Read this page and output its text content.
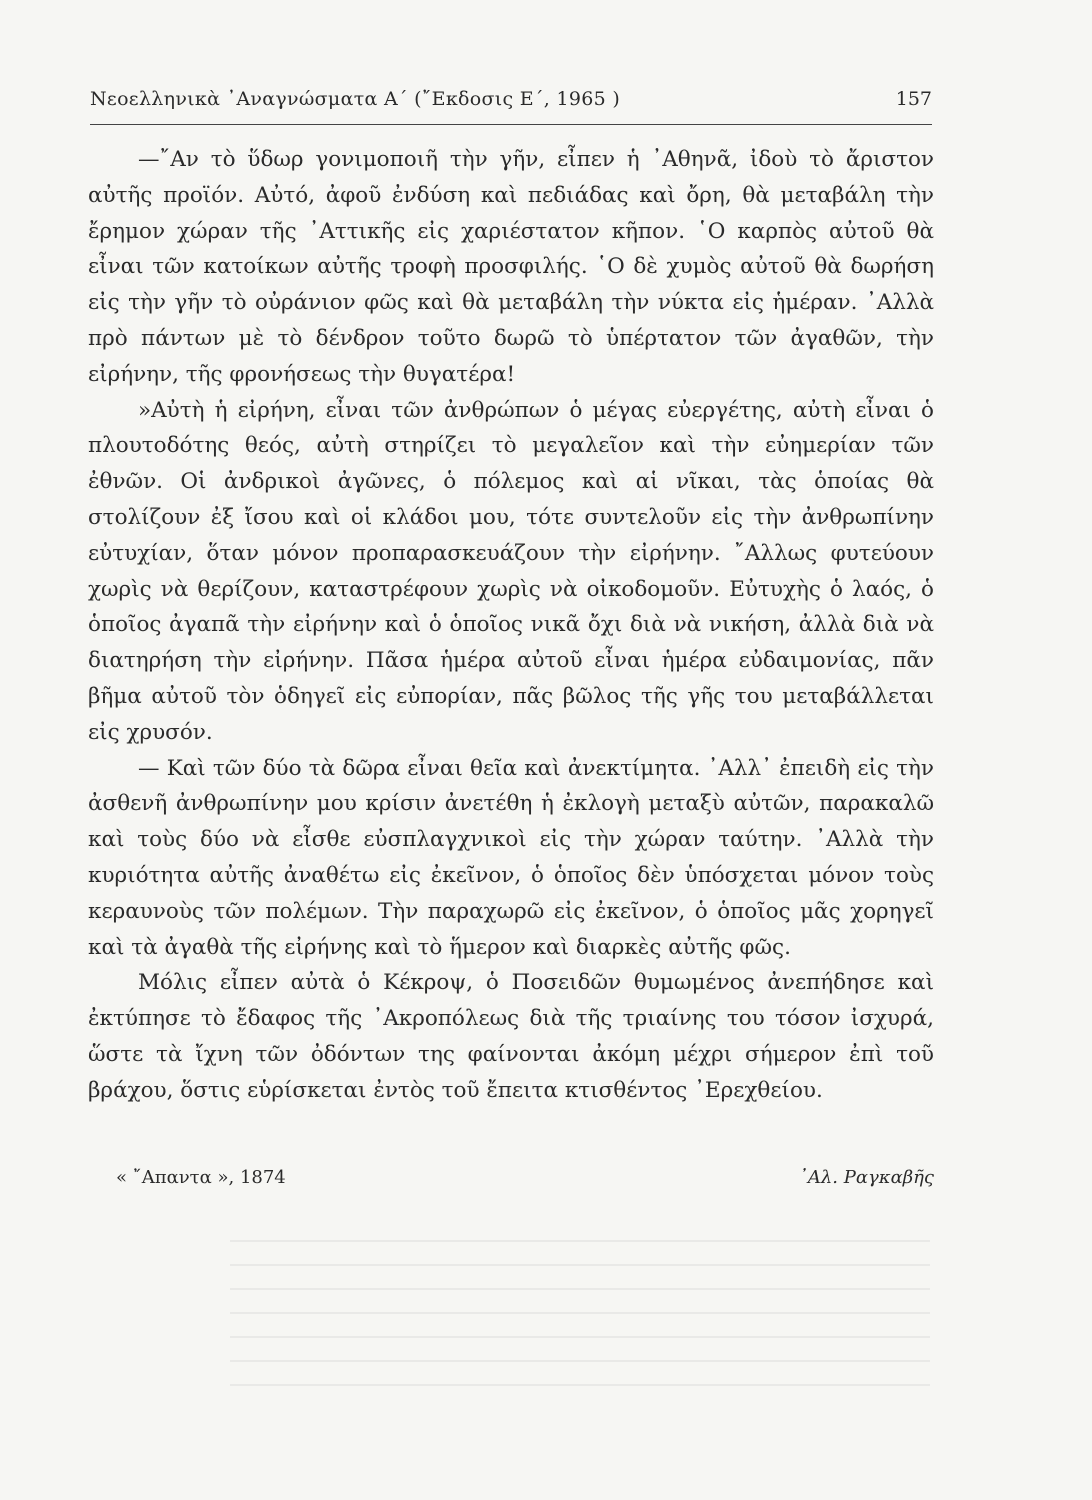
Νεοελληνικὰ ᾿Αναγνώσματα Α΄ (῎Εκδοσις Ε΄, 1965 )	157

—῎Αν τὸ ὕδωρ γονιμοποιῆ τὴν γῆν, εἶπεν ἡ ᾿Αθηνᾶ, ἰδοὺ τὸ ἄριστον αὐτῆς προϊόν. Αὐτό, ἀφοῦ ἐνδύση καὶ πεδιάδας καὶ ὄρη, θὰ μεταβάλη τὴν ἔρημον χώραν τῆς ᾿Αττικῆς εἰς χαριέστατον κῆπον. ῾Ο καρπὸς αὐτοῦ θὰ εἶναι τῶν κατοίκων αὐτῆς τροφὴ προσφιλής. ῾Ο δὲ χυμὸς αὐτοῦ θὰ δωρήση εἰς τὴν γῆν τὸ οὐράνιον φῶς καὶ θὰ μεταβάλη τὴν νύκτα εἰς ἡμέραν. ᾿Αλλὰ πρὸ πάντων μὲ τὸ δένδρον τοῦτο δωρῶ τὸ ὑπέρτατον τῶν ἀγαθῶν, τὴν εἰρήνην, τῆς φρονήσεως τὴν θυγατέρα!

»Αὐτὴ ἡ εἰρήνη, εἶναι τῶν ἀνθρώπων ὁ μέγας εὐεργέτης, αὐτὴ εἶναι ὁ πλουτοδότης θεός, αὐτὴ στηρίζει τὸ μεγαλεῖον καὶ τὴν εὐημερίαν τῶν ἐθνῶν. Οἱ ἀνδρικοὶ ἀγῶνες, ὁ πόλεμος καὶ αἱ νῖκαι, τὰς ὁποίας θὰ στολίζουν ἐξ ἴσου καὶ οἱ κλάδοι μου, τότε συντελοῦν εἰς τὴν ἀνθρωπίνην εὐτυχίαν, ὅταν μόνον προπαρασκευάζουν τὴν εἰρήνην. ῎Αλλως φυτεύουν χωρὶς νὰ θερίζουν, καταστρέφουν χωρὶς νὰ οἰκοδομοῦν. Εὐτυχὴς ὁ λαός, ὁ ὁποῖος ἀγαπᾶ τὴν εἰρήνην καὶ ὁ ὁποῖος νικᾶ ὄχι διὰ νὰ νικήση, ἀλλὰ διὰ νὰ διατηρήση τὴν εἰρήνην. Πᾶσα ἡμέρα αὐτοῦ εἶναι ἡμέρα εὐδαιμονίας, πᾶν βῆμα αὐτοῦ τὸν ὁδηγεῖ εἰς εὐπορίαν, πᾶς βῶλος τῆς γῆς του μεταβάλλεται εἰς χρυσόν.

— Καὶ τῶν δύο τὰ δῶρα εἶναι θεῖα καὶ ἀνεκτίμητα. ᾿Αλλ᾿ ἐπειδὴ εἰς τὴν ἀσθενῆ ἀνθρωπίνην μου κρίσιν ἀνετέθη ἡ ἐκλογὴ μεταξὺ αὐτῶν, παρακαλῶ καὶ τοὺς δύο νὰ εἶσθε εὐσπλαγχνικοὶ εἰς τὴν χώραν ταύτην. ᾿Αλλὰ τὴν κυριότητα αὐτῆς ἀναθέτω εἰς ἐκεῖνον, ὁ ὁποῖος δὲν ὑπόσχεται μόνον τοὺς κεραυνοὺς τῶν πολέμων. Τὴν παραχωρῶ εἰς ἐκεῖνον, ὁ ὁποῖος μᾶς χορηγεῖ καὶ τὰ ἀγαθὰ τῆς εἰρήνης καὶ τὸ ἥμερον καὶ διαρκὲς αὐτῆς φῶς.

Μόλις εἶπεν αὐτὰ ὁ Κέκροψ, ὁ Ποσειδῶν θυμωμένος ἀνεπήδησε καὶ ἐκτύπησε τὸ ἔδαφος τῆς ᾿Ακροπόλεως διὰ τῆς τριαίνης του τόσον ἰσχυρά, ὥστε τὰ ἴχνη τῶν ὀδόντων της φαίνονται ἀκόμη μέχρι σήμερον ἐπὶ τοῦ βράχου, ὅστις εὑρίσκεται ἐντὸς τοῦ ἔπειτα κτισθέντος ᾿Ερεχθείου.

« ῎Απαντα », 1874	᾿Αλ. Ραγκαβῆς
